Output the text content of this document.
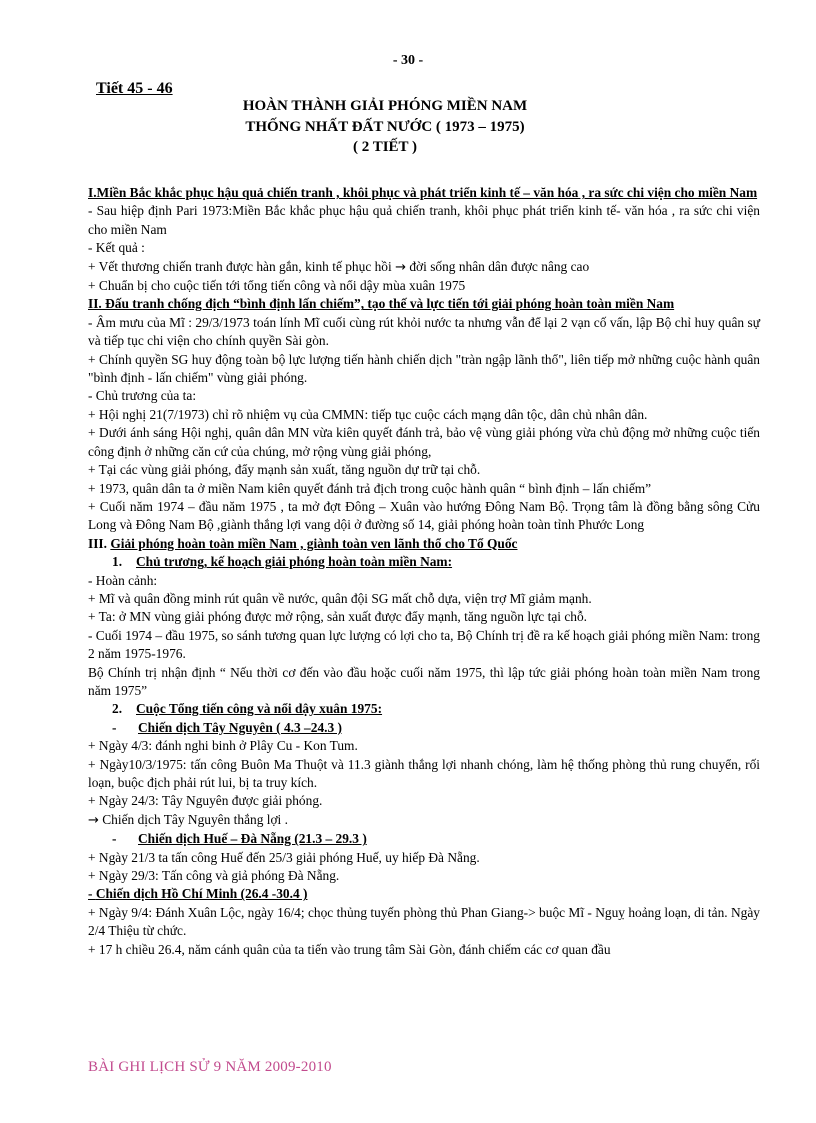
- 30 -
Tiết 45 - 46
HOÀN THÀNH GIẢI PHÓNG MIỀN NAM
THỐNG NHẤT ĐẤT NƯỚC ( 1973 – 1975)
( 2 TIẾT )

I.Miền Bắc khắc phục hậu quả chiến tranh , khôi phục và phát triển kinh tế – văn hóa , ra sức chi viện cho miền Nam

- Sau hiệp định Pari 1973:Miền Bắc khắc phục hậu quả chiến tranh, khôi phục phát triển kinh tế- văn hóa , ra sức chi viện cho miền Nam

- Kết quả :

+ Vết thương chiến tranh được hàn gắn, kinh tế phục hồi → đời sống nhân dân được nâng cao

+ Chuẩn bị cho cuộc tiến tới tổng tiến công và nổi dậy mùa xuân 1975

II. Đấu tranh chống địch “bình định lấn chiếm”, tạo thế và lực tiến tới giải phóng hoàn toàn miền Nam

- Âm mưu của Mĩ : 29/3/1973 toán lính Mĩ cuối cùng rút khỏi nước ta nhưng vẫn để lại 2 vạn cố vấn, lập Bộ chỉ huy quân sự và tiếp tục chi viện cho chính quyền Sài gòn.

+ Chính quyền SG huy động toàn bộ lực lượng tiến hành chiến dịch "tràn ngập lãnh thổ", liên tiếp mở những cuộc hành quân "bình định - lấn chiếm" vùng giải phóng.

- Chủ trương của ta:

+ Hội nghị 21(7/1973) chỉ rõ nhiệm vụ của CMMN: tiếp tục cuộc cách mạng dân tộc, dân chủ nhân dân.

+ Dưới ánh sáng Hội nghị, quân dân MN vừa kiên quyết đánh trả, bảo vệ vùng giải phóng vừa chủ động mở những cuộc tiến công định ở những căn cứ của chúng, mở rộng vùng giải phóng,

+ Tại các vùng giải phóng, đẩy mạnh sản xuất, tăng nguồn dự trữ tại chỗ.

+ 1973, quân dân ta ở miền Nam kiên quyết đánh trả địch trong cuộc hành quân “ bình định – lấn chiếm”

+ Cuối năm 1974 – đầu năm 1975 , ta mở đợt Đông – Xuân vào hướng Đông Nam Bộ. Trọng tâm là đồng bằng sông Cửu Long và Đông Nam Bộ ,giành thắng lợi vang dội ở đường số 14, giải phóng hoàn toàn tỉnh Phước Long

III. Giải phóng hoàn toàn miền Nam , giành toàn ven lãnh thổ cho Tổ Quốc

1. Chủ trương, kế hoạch giải phóng hoàn toàn miền Nam:

- Hoàn cảnh:

+ Mĩ và quân đồng minh rút quân về nước, quân đội SG mất chỗ dựa, viện trợ Mĩ giảm mạnh.

+ Ta: ở MN vùng giải phóng được mở rộng, sản xuất được đẩy mạnh, tăng nguồn lực tại chỗ.

- Cuối 1974 – đầu 1975, so sánh tương quan lực lượng có lợi cho ta, Bộ Chính trị đề ra kế hoạch giải phóng miền Nam: trong 2 năm 1975-1976.

Bộ Chính trị nhận định “ Nếu thời cơ đến vào đầu hoặc cuối năm 1975, thì lập tức giải phóng hoàn toàn miền Nam trong năm 1975”

2. Cuộc Tổng tiến công và nổi dậy xuân 1975:

- Chiến dịch Tây Nguyên ( 4.3 –24.3 )

+ Ngày 4/3: đánh nghi binh ở Plây Cu - Kon Tum.

+ Ngày10/3/1975: tấn công Buôn Ma Thuột và 11.3 giành thắng lợi nhanh chóng, làm hệ thống phòng thủ rung chuyển, rối loạn, buộc địch phải rút lui, bị ta truy kích.

+ Ngày 24/3: Tây Nguyên được giải phóng.

→ Chiến dịch Tây Nguyên thắng lợi .

- Chiến dịch Huế – Đà Nẵng (21.3 – 29.3 )

+ Ngày 21/3 ta tấn công Huế đến 25/3 giải phóng Huế, uy hiếp Đà Nẵng.

+ Ngày 29/3: Tấn công và giả phóng Đà Nẵng.

- Chiến dịch Hồ Chí Minh (26.4 -30.4 )

+ Ngày 9/4: Đánh Xuân Lộc, ngày 16/4; chọc thủng tuyến phòng thủ Phan Giang-> buộc Mĩ - Nguỵ hoảng loạn, di tản. Ngày 2/4 Thiệu từ chức.

+ 17 h chiều 26.4, năm cánh quân của ta tiến vào trung tâm Sài Gòn, đánh chiếm các cơ quan đầu

BÀI GHI LỊCH SỬ 9 NĂM 2009-2010
